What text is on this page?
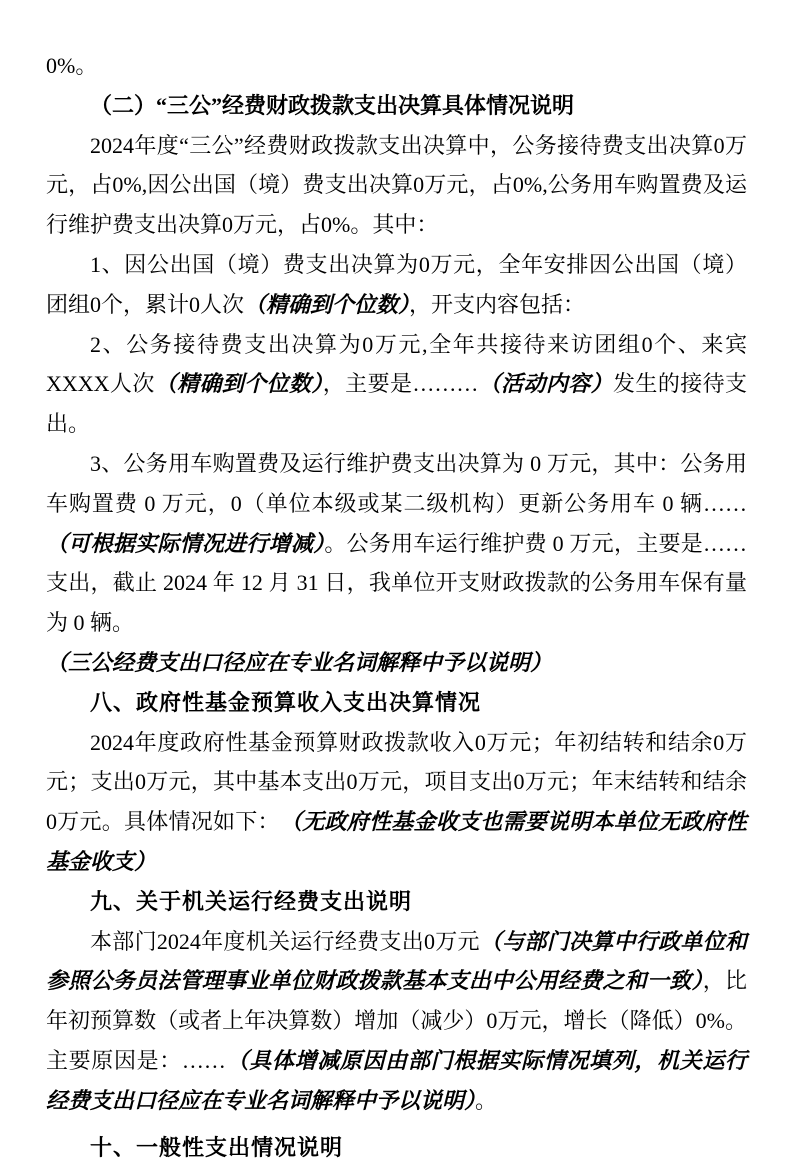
0%。

（二）“三公”经费财政拨款支出决算具体情况说明

2024年度“三公”经费财政拨款支出决算中，公务接待费支出决算0万元，占0%,因公出国（境）费支出决算0万元，占0%,公务用车购置费及运行维护费支出决算0万元，占0%。其中：

1、因公出国（境）费支出决算为0万元，全年安排因公出国（境）团组0个，累计0人次（精确到个位数），开支内容包括：

2、公务接待费支出决算为0万元,全年共接待来访团组0个、来宾XXXX人次（精确到个位数），主要是………（活动内容）发生的接待支出。

3、公务用车购置费及运行维护费支出决算为 0 万元，其中：公务用车购置费 0 万元，0（单位本级或某二级机构）更新公务用车 0 辆……（可根据实际情况进行增减）。公务用车运行维护费 0 万元，主要是……支出，截止 2024 年 12 月 31 日，我单位开支财政拨款的公务用车保有量为 0 辆。

（三公经费支出口径应在专业名词解释中予以说明）

八、政府性基金预算收入支出决算情况

2024年度政府性基金预算财政拨款收入0万元；年初结转和结余0万元；支出0万元，其中基本支出0万元，项目支出0万元；年末结转和结余0万元。具体情况如下：　（无政府性基金收支也需要说明本单位无政府性基金收支）

九、关于机关运行经费支出说明

本部门2024年度机关运行经费支出0万元（与部门决算中行政单位和参照公务员法管理事业单位财政拨款基本支出中公用经费之和一致），比年初预算数（或者上年决算数）增加（减少）0万元，增长（降低）0%。主要原因是：……（具体增减原因由部门根据实际情况填列，机关运行经费支出口径应在专业名词解释中予以说明）。

十、一般性支出情况说明
